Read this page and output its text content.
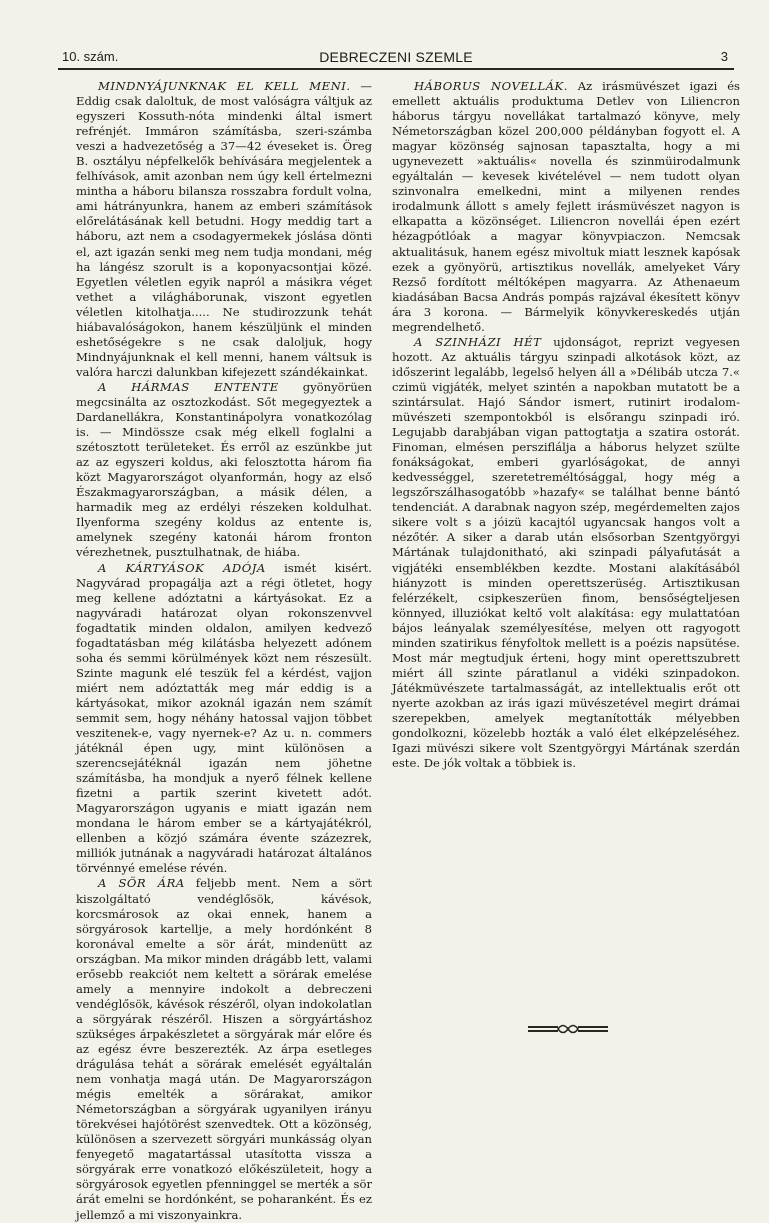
10. szám.	DEBRECZENI SZEMLE	3

MINDNYÁJUNKNAK EL KELL MENI. — Eddig csak daloltuk, de most valóságra váltjuk az egyszeri Kossuth-nóta mindenki által ismert refrénjét. Immáron számításba, szeri-számba veszi a hadvezetőség a 37—42 éveseket is. Öreg B. osztályu népfelkelők behívására megjelentek a felhívások, amit azonban nem úgy kell értelmezni mintha a háboru bilansza rosszabra fordult volna, ami hátrányunkra, hanem az emberi számítások előrelátásának kell betudni. Hogy meddig tart a háboru, azt nem a csodagyermekek jóslása dönti el, azt igazán senki meg nem tudja mondani, még ha lángész szorult is a koponyacsontjai közé. Egyetlen véletlen egyik napról a másikra véget vethet a világháborunak, viszont egyetlen véletlen kitolhatja..... Ne studirozzunk tehát hiábavalóságokon, hanem készüljünk el minden eshetőségekre s ne csak daloljuk, hogy Mindnyájunknak el kell menni, hanem váltsuk is valóra harczi dalunkban kifejezett szándékainkat.

A HÁRMAS ENTENTE gyönyörüen megcsinálta az osztozkodást. Sőt megegyeztek a Dardanellákra, Konstantinápolyra vonatkozólag is. — Mindössze csak még elkell foglalni a szétosztott területeket. És erről az eszünkbe jut az az egyszeri koldus, aki felosztotta három fia közt Magyarországot olyanformán, hogy az első Északmagyarországban, a másik délen, a harmadik meg az erdélyi részeken koldulhat. Ilyenforma szegény koldus az entente is, amelynek szegény katonái három fronton vérezhetnek, pusztulhatnak, de hiába.

A KÁRTYÁSOK ADÓJA ismét kisért. Nagyvárad propagálja azt a régi ötletet, hogy meg kellene adóztatni a kártyásokat. Ez a nagyváradi határozat olyan rokonszenvvel fogadtatik minden oldalon, amilyen kedvező fogadtatásban még kilátásba helyezett adónem soha és semmi körülmények közt nem részesült. Szinte magunk elé teszük fel a kérdést, vajjon miért nem adóztatták meg már eddig is a kártyásokat, mikor azoknál igazán nem számít semmit sem, hogy néhány hatossal vajjon többet veszitenek-e, vagy nyernek-e? Az u. n. commers játéknál épen ugy, mint különösen a szerencsejátéknál igazán nem jöhetne számításba, ha mondjuk a nyerő félnek kellene fizetni a partik szerint kivetett adót. Magyarországon ugyanis e miatt igazán nem mondana le három ember se a kártyajátékról, ellenben a közjó számára évente százezrek, milliók jutnának a nagyváradi határozat általános törvénnyé emelése révén.

A SÖR ÁRA feljebb ment. Nem a sört kiszolgáltató vendéglősök, kávésok, korcsmárosok az okai ennek, hanem a sörgyárosok kartellje, a mely hordónként 8 koronával emelte a sör árát, mindenütt az országban. Ma mikor minden drágább lett, valami erősebb reakciót nem keltett a sörárak emelése amely a mennyire indokolt a debreczeni vendéglősök, kávésok részéről, olyan indokolatlan a sörgyárak részéről. Hiszen a sörgyártáshoz szükséges árpakészletet a sörgyárak már előre és az egész évre beszerezték. Az árpa esetleges drágulása tehát a sörárak emelését egyáltalán nem vonhatja magá után. De Magyarországon mégis emelték a sörárakat, amikor Németországban a sörgyárak ugyanilyen irányu törekvései hajótörést szenvedtek. Ott a közönség, különösen a szervezett sörgyári munkásság olyan fenyegető magatartással utasította vissza a sörgyárak erre vonatkozó előkészületeit, hogy a sörgyárosok egyetlen pfenninggel se merték a sör árát emelni se hordónként, se poharanként. És ez jellemző a mi viszonyainkra.

HÁBORUS NOVELLÁK. Az irásmüvészet igazi és emellett aktuális produktuma Detlev von Liliencron háborus tárgyu novellákat tartalmazó könyve, mely Németországban közel 200,000 példányban fogyott el. A magyar közönség sajnosan tapasztalta, hogy a mi ugynevezett »aktuális« novella és szinmüirodalmunk egyáltalán — kevesek kivételével — nem tudott olyan szinvonalra emelkedni, mint a milyenen rendes irodalmunk állott s amely fejlett irásmüvészet nagyon is elkapatta a közönséget. Liliencron novellái épen ezért hézagpótlóak a magyar könyvpiaczon. Nemcsak aktualitásuk, hanem egész mivoltuk miatt lesznek kapósak ezek a gyönyörü, artisztikus novellák, amelyeket Váry Rezső fordított méltóképen magyarra. Az Athenaeum kiadásában Bacsa András pompás rajzával ékesített könyv ára 3 korona. — Bármelyik könyvkereskedés utján megrendelhető.

A SZINHÁZI HÉT ujdonságot, reprizt vegyesen hozott. Az aktuális tárgyu szinpadi alkotások közt, az időszerint legalább, legelső helyen áll a »Délibáb utcza 7.« czimü vigjáték, melyet szintén a napokban mutatott be a szintársulat. Hajó Sándor ismert, rutinirt irodalom-müvészeti szempontokból is elsőrangu szinpadi iró. Legujabb darabjában vigan pattogtatja a szatira ostorát. Finoman, elmésen persziflálja a háborus helyzet szülte fonákságokat, emberi gyarlóságokat, de annyi kedvességgel, szeretetreméltósággal, hogy még a legszőrszálhasogatóbb »hazafy« se találhat benne bántó tendenciát. A darabnak nagyon szép, megérdemelten zajos sikere volt s a jóizü kacajtól ugyancsak hangos volt a nézőtér. A siker a darab után elsősorban Szentgyörgyi Mártának tulajdonitható, aki szinpadi pályafutását a vigjátéki ensemblékben kezdte. Mostani alakításából hiányzott is minden operettszerüség. Artisztikusan felérzékelt, csipkeszerüen finom, bensőségteljesen könnyed, illuziókat keltő volt alakítása: egy mulattatóan bájos leányalak személyesítése, melyen ott ragyogott minden szatirikus fényfoltok mellett is a poézis napsütése. Most már megtudjuk érteni, hogy mint operettszubrett miért áll szinte páratlanul a vidéki szinpadokon. Játékmüvészete tartalmasságát, az intellektualis erőt ott nyerte azokban az irás igazi müvészetével megirt drámai szerepekben, amelyek megtanították mélyebben gondolkozni, közelebb hozták a való élet elképzeléséhez. Igazi müvészi sikere volt Szentgyörgyi Mártának szerdán este. De jók voltak a többiek is.
